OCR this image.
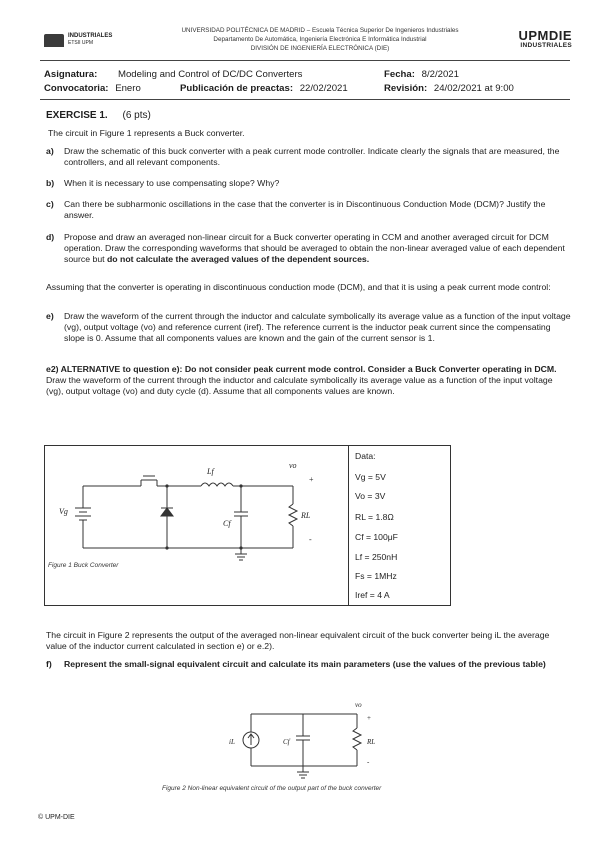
INDUSTRIALES
ETSII UPM
UNIVERSIDAD POLITÉCNICA DE MADRID – Escuela Técnica Superior De Ingenieros Industriales
Departamento De Automática, Ingeniería Electrónica E Informática Industrial
DIVISIÓN DE INGENIERÍA ELECTRÓNICA (DIE)
UPMDIE
INDUSTRIALES
Asignatura: Modeling and Control of DC/DC Converters	Fecha: 8/2/2021
Convocatoria: Enero	Publicación de preactas: 22/02/2021	Revisión: 24/02/2021 at 9:00
EXERCISE 1. (6 pts)
The circuit in Figure 1 represents a Buck converter.
a) Draw the schematic of this buck converter with a peak current mode controller. Indicate clearly the signals that are measured, the controllers, and all relevant components.
b) When it is necessary to use compensating slope? Why?
c) Can there be subharmonic oscillations in the case that the converter is in Discontinuous Conduction Mode (DCM)? Justify the answer.
d) Propose and draw an averaged non-linear circuit for a Buck converter operating in CCM and another averaged circuit for DCM operation. Draw the corresponding waveforms that should be averaged to obtain the non-linear averaged value of each dependent source but do not calculate the averaged values of the dependent sources.
Assuming that the converter is operating in discontinuous conduction mode (DCM), and that it is using a peak current mode control:
e) Draw the waveform of the current through the inductor and calculate symbolically its average value as a function of the input voltage (vg), output voltage (vo) and reference current (iref). The reference current is the inductor peak current since the compensating slope is 0. Assume that all components values are known and the gain of the current sensor is 1.
e2) ALTERNATIVE to question e): Do not consider peak current mode control. Consider a Buck Converter operating in DCM. Draw the waveform of the current through the inductor and calculate symbolically its average value as a function of the input voltage (vg), output voltage (vo) and duty cycle (d). Assume that all components values are known.
Vg
Lf
vo
+
-
Cf
RL
Figure 1 Buck Converter
Data:
Vg = 5V
Vo = 3V
RL = 1.8Ω
Cf = 100μF
Lf = 250nH
Fs = 1MHz
Iref = 4 A
The circuit in Figure 2 represents the output of the averaged non-linear equivalent circuit of the buck converter being iL the average value of the inductor current calculated in section e) or e.2).
f) Represent the small-signal equivalent circuit and calculate its main parameters (use the values of the previous table)
iL	Cf	RL
vo
+
-
Figure 2 Non-linear equivalent circuit of the output part of the buck converter
© UPM-DIE
